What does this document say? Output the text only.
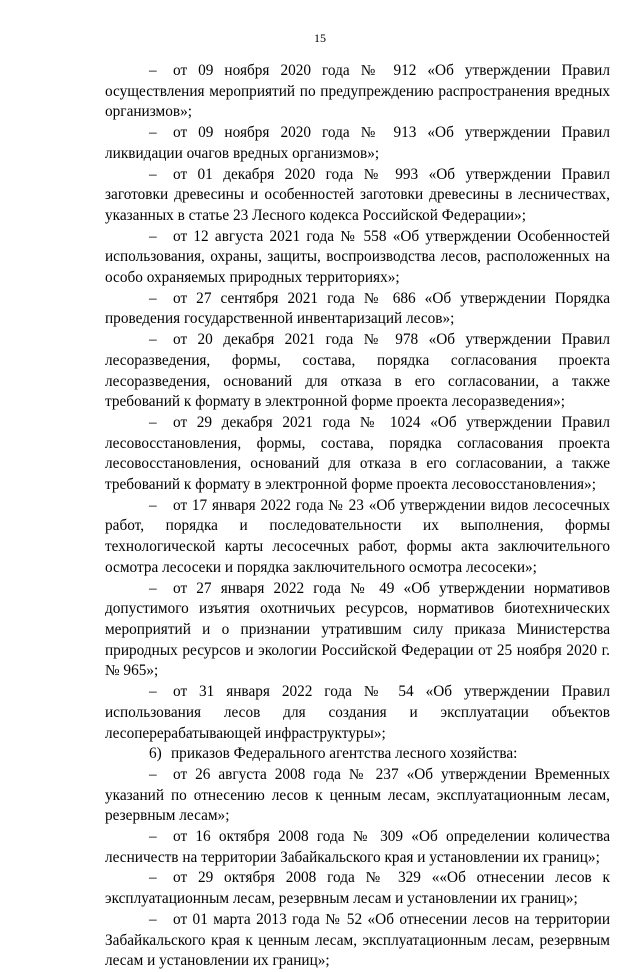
15

– от 09 ноября 2020 года № 912 «Об утверждении Правил осуществления мероприятий по предупреждению распространения вредных организмов»;

– от 09 ноября 2020 года № 913 «Об утверждении Правил ликвидации очагов вредных организмов»;

– от 01 декабря 2020 года № 993 «Об утверждении Правил заготовки древесины и особенностей заготовки древесины в лесничествах, указанных в статье 23 Лесного кодекса Российской Федерации»;

– от 12 августа 2021 года № 558 «Об утверждении Особенностей использования, охраны, защиты, воспроизводства лесов, расположенных на особо охраняемых природных территориях»;

– от 27 сентября 2021 года № 686 «Об утверждении Порядка проведения государственной инвентаризаций лесов»;

– от 20 декабря 2021 года № 978 «Об утверждении Правил лесоразведения, формы, состава, порядка согласования проекта лесоразведения, оснований для отказа в его согласовании, а также требований к формату в электронной форме проекта лесоразведения»;

– от 29 декабря 2021 года № 1024 «Об утверждении Правил лесовосстановления, формы, состава, порядка согласования проекта лесовосстановления, оснований для отказа в его согласовании, а также требований к формату в электронной форме проекта лесовосстановления»;

– от 17 января 2022 года № 23 «Об утверждении видов лесосечных работ, порядка и последовательности их выполнения, формы технологической карты лесосечных работ, формы акта заключительного осмотра лесосеки и порядка заключительного осмотра лесосеки»;

– от 27 января 2022 года № 49 «Об утверждении нормативов допустимого изъятия охотничьих ресурсов, нормативов биотехнических мероприятий и о признании утратившим силу приказа Министерства природных ресурсов и экологии Российской Федерации от 25 ноября 2020 г. № 965»;

– от 31 января 2022 года № 54 «Об утверждении Правил использования лесов для создания и эксплуатации объектов лесоперерабатывающей инфраструктуры»;

6) приказов Федерального агентства лесного хозяйства:

– от 26 августа 2008 года № 237 «Об утверждении Временных указаний по отнесению лесов к ценным лесам, эксплуатационным лесам, резервным лесам»;

– от 16 октября 2008 года № 309 «Об определении количества лесничеств на территории Забайкальского края и установлении их границ»;

– от 29 октября 2008 года № 329 ««Об отнесении лесов к эксплуатационным лесам, резервным лесам и установлении их границ»;

– от 01 марта 2013 года № 52 «Об отнесении лесов на территории Забайкальского края к ценным лесам, эксплуатационным лесам, резервным лесам и установлении их границ»;
